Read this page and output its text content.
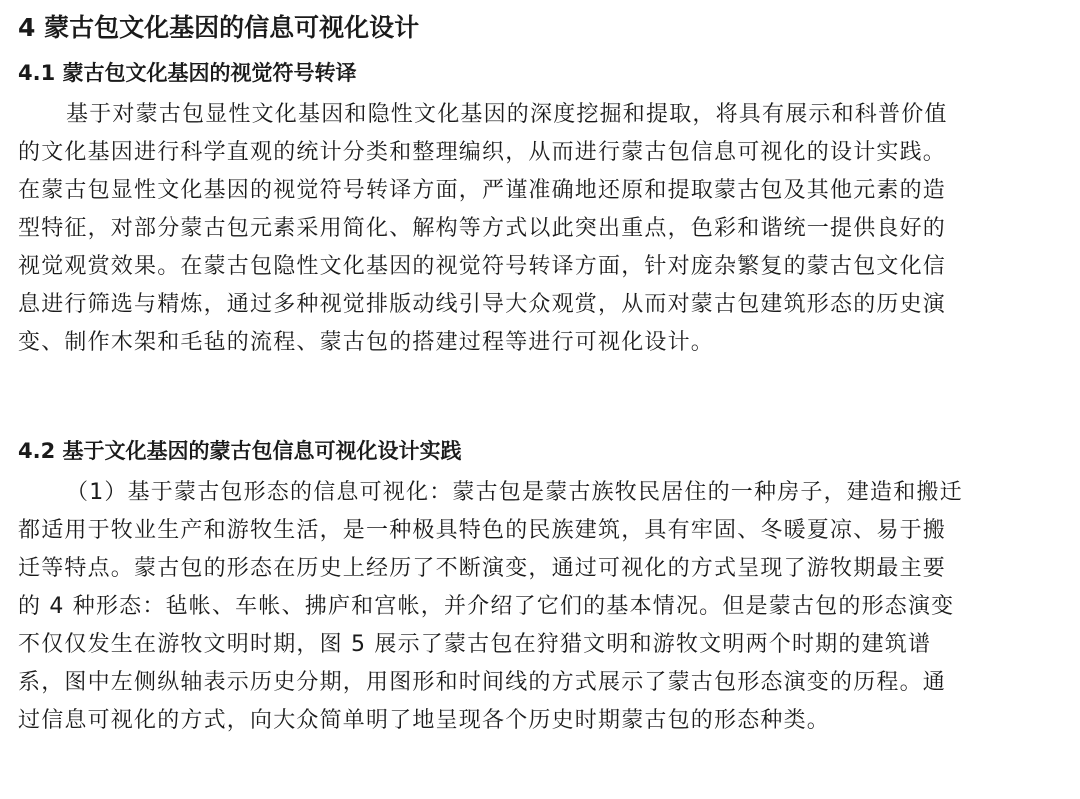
4 蒙古包文化基因的信息可视化设计
4.1 蒙古包文化基因的视觉符号转译
基于对蒙古包显性文化基因和隐性文化基因的深度挖掘和提取，将具有展示和科普价值
的文化基因进行科学直观的统计分类和整理编织，从而进行蒙古包信息可视化的设计实践。
在蒙古包显性文化基因的视觉符号转译方面，严谨准确地还原和提取蒙古包及其他元素的造
型特征，对部分蒙古包元素采用简化、解构等方式以此突出重点，色彩和谐统一提供良好的
视觉观赏效果。在蒙古包隐性文化基因的视觉符号转译方面，针对庞杂繁复的蒙古包文化信
息进行筛选与精炼，通过多种视觉排版动线引导大众观赏，从而对蒙古包建筑形态的历史演
变、制作木架和毛毡的流程、蒙古包的搭建过程等进行可视化设计。
4.2 基于文化基因的蒙古包信息可视化设计实践
（1）基于蒙古包形态的信息可视化：蒙古包是蒙古族牧民居住的一种房子，建造和搬迁
都适用于牧业生产和游牧生活，是一种极具特色的民族建筑，具有牢固、冬暖夏凉、易于搬
迁等特点。蒙古包的形态在历史上经历了不断演变，通过可视化的方式呈现了游牧期最主要
的 4 种形态：毡帐、车帐、拂庐和宫帐，并介绍了它们的基本情况。但是蒙古包的形态演变
不仅仅发生在游牧文明时期，图 5 展示了蒙古包在狩猎文明和游牧文明两个时期的建筑谱
系，图中左侧纵轴表示历史分期，用图形和时间线的方式展示了蒙古包形态演变的历程。通
过信息可视化的方式，向大众简单明了地呈现各个历史时期蒙古包的形态种类。
